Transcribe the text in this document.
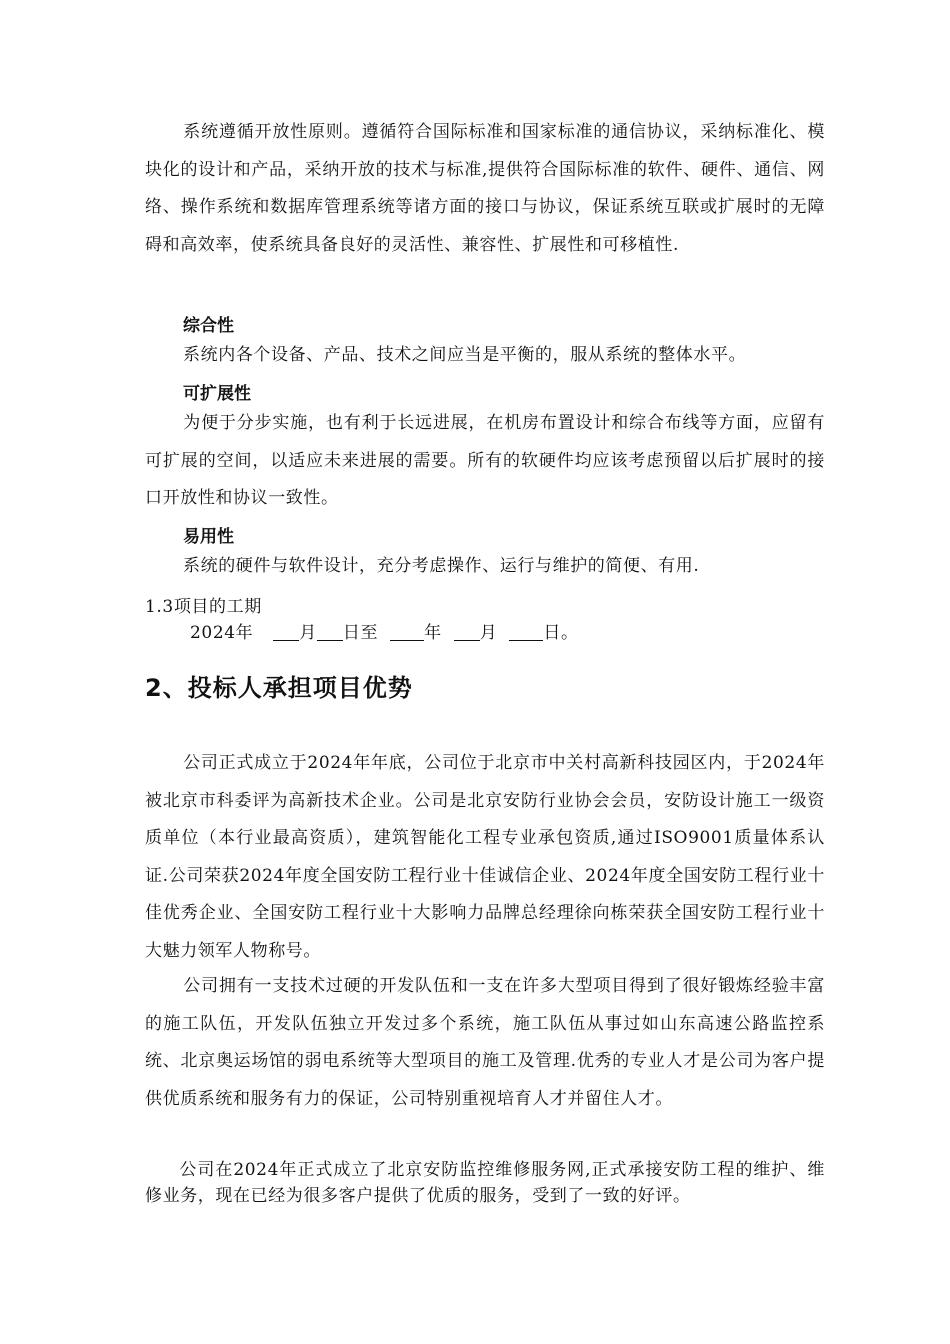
系统遵循开放性原则。遵循符合国际标准和国家标准的通信协议，采纳标准化、模块化的设计和产品，采纳开放的技术与标准,提供符合国际标准的软件、硬件、通信、网络、操作系统和数据库管理系统等诸方面的接口与协议，保证系统互联或扩展时的无障碍和高效率，使系统具备良好的灵活性、兼容性、扩展性和可移植性.

综合性

系统内各个设备、产品、技术之间应当是平衡的，服从系统的整体水平。

可扩展性

为便于分步实施，也有利于长远进展，在机房布置设计和综合布线等方面，应留有可扩展的空间，以适应未来进展的需要。所有的软硬件均应该考虑预留以后扩展时的接口开放性和协议一致性。

易用性

系统的硬件与软件设计，充分考虑操作、运行与维护的简便、有用.

1.3项目的工期

2024年	月 日至	年 月	日。

2、投标人承担项目优势

公司正式成立于2024年年底，公司位于北京市中关村高新科技园区内，于2024年被北京市科委评为高新技术企业。公司是北京安防行业协会会员，安防设计施工一级资质单位（本行业最高资质），建筑智能化工程专业承包资质,通过ISO9001质量体系认证.公司荣获2024年度全国安防工程行业十佳诚信企业、2024年度全国安防工程行业十佳优秀企业、全国安防工程行业十大影响力品牌总经理徐向栋荣获全国安防工程行业十大魅力领军人物称号。

公司拥有一支技术过硬的开发队伍和一支在许多大型项目得到了很好锻炼经验丰富的施工队伍，开发队伍独立开发过多个系统，施工队伍从事过如山东高速公路监控系统、北京奥运场馆的弱电系统等大型项目的施工及管理.优秀的专业人才是公司为客户提供优质系统和服务有力的保证，公司特别重视培育人才并留住人才。

公司在2024年正式成立了北京安防监控维修服务网,正式承接安防工程的维护、维修业务，现在已经为很多客户提供了优质的服务，受到了一致的好评。
